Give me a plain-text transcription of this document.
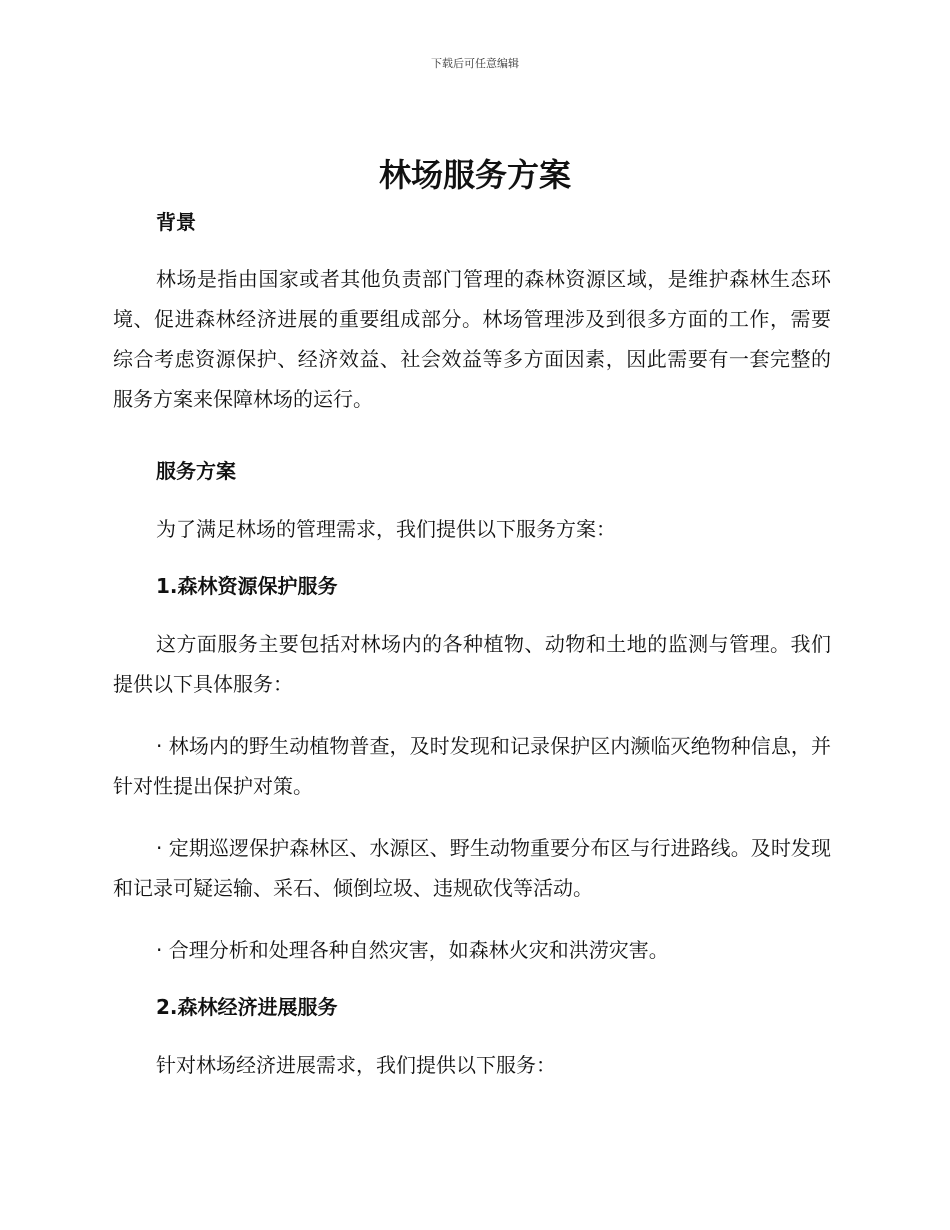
下载后可任意编辑
林场服务方案
背景
林场是指由国家或者其他负责部门管理的森林资源区域，是维护森林生态环境、促进森林经济进展的重要组成部分。林场管理涉及到很多方面的工作，需要综合考虑资源保护、经济效益、社会效益等多方面因素，因此需要有一套完整的服务方案来保障林场的运行。
服务方案
为了满足林场的管理需求，我们提供以下服务方案：
1.森林资源保护服务
这方面服务主要包括对林场内的各种植物、动物和土地的监测与管理。我们提供以下具体服务：
· 林场内的野生动植物普查，及时发现和记录保护区内濒临灭绝物种信息，并针对性提出保护对策。
· 定期巡逻保护森林区、水源区、野生动物重要分布区与行进路线。及时发现和记录可疑运输、采石、倾倒垃圾、违规砍伐等活动。
· 合理分析和处理各种自然灾害，如森林火灾和洪涝灾害。
2.森林经济进展服务
针对林场经济进展需求，我们提供以下服务：
